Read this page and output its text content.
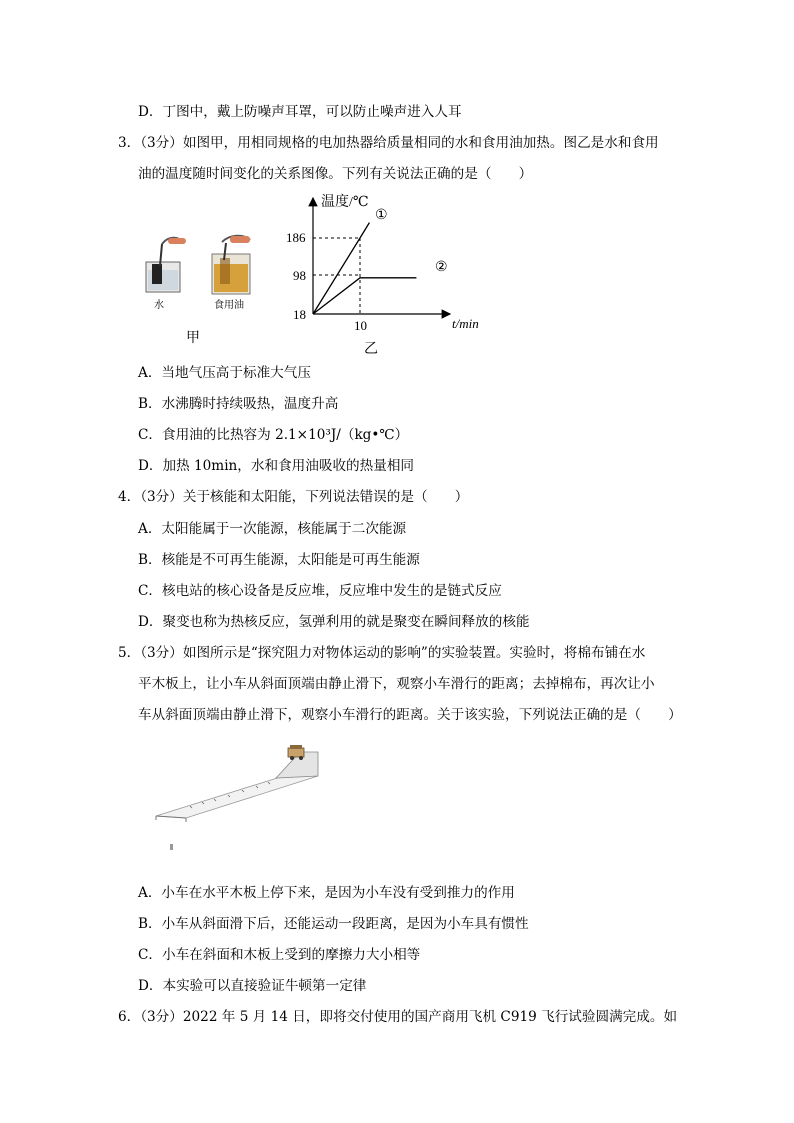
D．丁图中，戴上防噪声耳罩，可以防止噪声进入人耳
3．（3分）如图甲，用相同规格的电加热器给质量相同的水和食用油加热。图乙是水和食用
油的温度随时间变化的关系图像。下列有关说法正确的是（　　）
水	食用油
甲
温度/℃
①
②
186
98
18
10	t/min
乙
A．当地气压高于标准大气压
B．水沸腾时持续吸热，温度升高
C．食用油的比热容为 2.1×10³J/（kg•℃）
D．加热 10min，水和食用油吸收的热量相同
4．（3分）关于核能和太阳能，下列说法错误的是（　　）
A．太阳能属于一次能源，核能属于二次能源
B．核能是不可再生能源，太阳能是可再生能源
C．核电站的核心设备是反应堆，反应堆中发生的是链式反应
D．聚变也称为热核反应，氢弹利用的就是聚变在瞬间释放的核能
5．（3分）如图所示是“探究阻力对物体运动的影响”的实验装置。实验时，将棉布铺在水
平木板上，让小车从斜面顶端由静止滑下，观察小车滑行的距离；去掉棉布，再次让小
车从斜面顶端由静止滑下，观察小车滑行的距离。关于该实验，下列说法正确的是（　　）
A．小车在水平木板上停下来，是因为小车没有受到推力的作用
B．小车从斜面滑下后，还能运动一段距离，是因为小车具有惯性
C．小车在斜面和木板上受到的摩擦力大小相等
D．本实验可以直接验证牛顿第一定律
6．（3分）2022 年 5 月 14 日，即将交付使用的国产商用飞机 C919 飞行试验圆满完成。如
